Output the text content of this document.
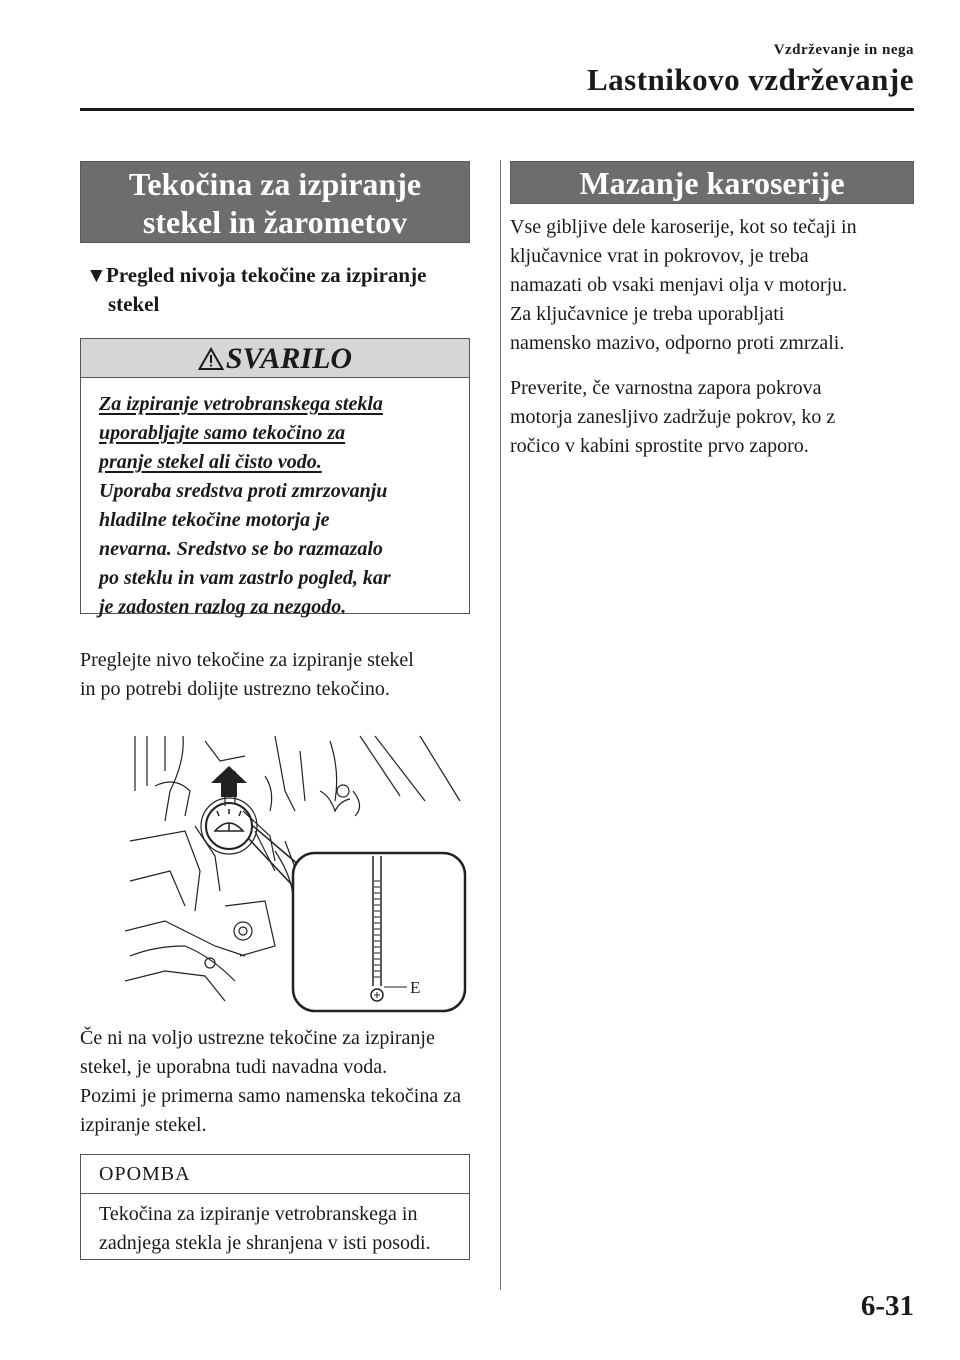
Vzdrževanje in nega
Lastnikovo vzdrževanje
Tekočina za izpiranje
stekel in žarometov
▼Pregled nivoja tekočine za izpiranje
stekel
SVARILO
Za izpiranje vetrobranskega stekla
uporabljajte samo tekočino za
pranje stekel ali čisto vodo.
Uporaba sredstva proti zmrzovanju
hladilne tekočine motorja je
nevarna. Sredstvo se bo razmazalo
po steklu in vam zastrlo pogled, kar
je zadosten razlog za nezgodo.
Preglejte nivo tekočine za izpiranje stekel
in po potrebi dolijte ustrezno tekočino.
E
Če ni na voljo ustrezne tekočine za izpiranje
stekel, je uporabna tudi navadna voda.
Pozimi je primerna samo namenska tekočina za
izpiranje stekel.
OPOMBA
Tekočina za izpiranje vetrobranskega in
zadnjega stekla je shranjena v isti posodi.
Mazanje karoserije
Vse gibljive dele karoserije, kot so tečaji in
ključavnice vrat in pokrovov, je treba
namazati ob vsaki menjavi olja v motorju.
Za ključavnice je treba uporabljati
namensko mazivo, odporno proti zmrzali.
Preverite, če varnostna zapora pokrova
motorja zanesljivo zadržuje pokrov, ko z
ročico v kabini sprostite prvo zaporo.
6-31
